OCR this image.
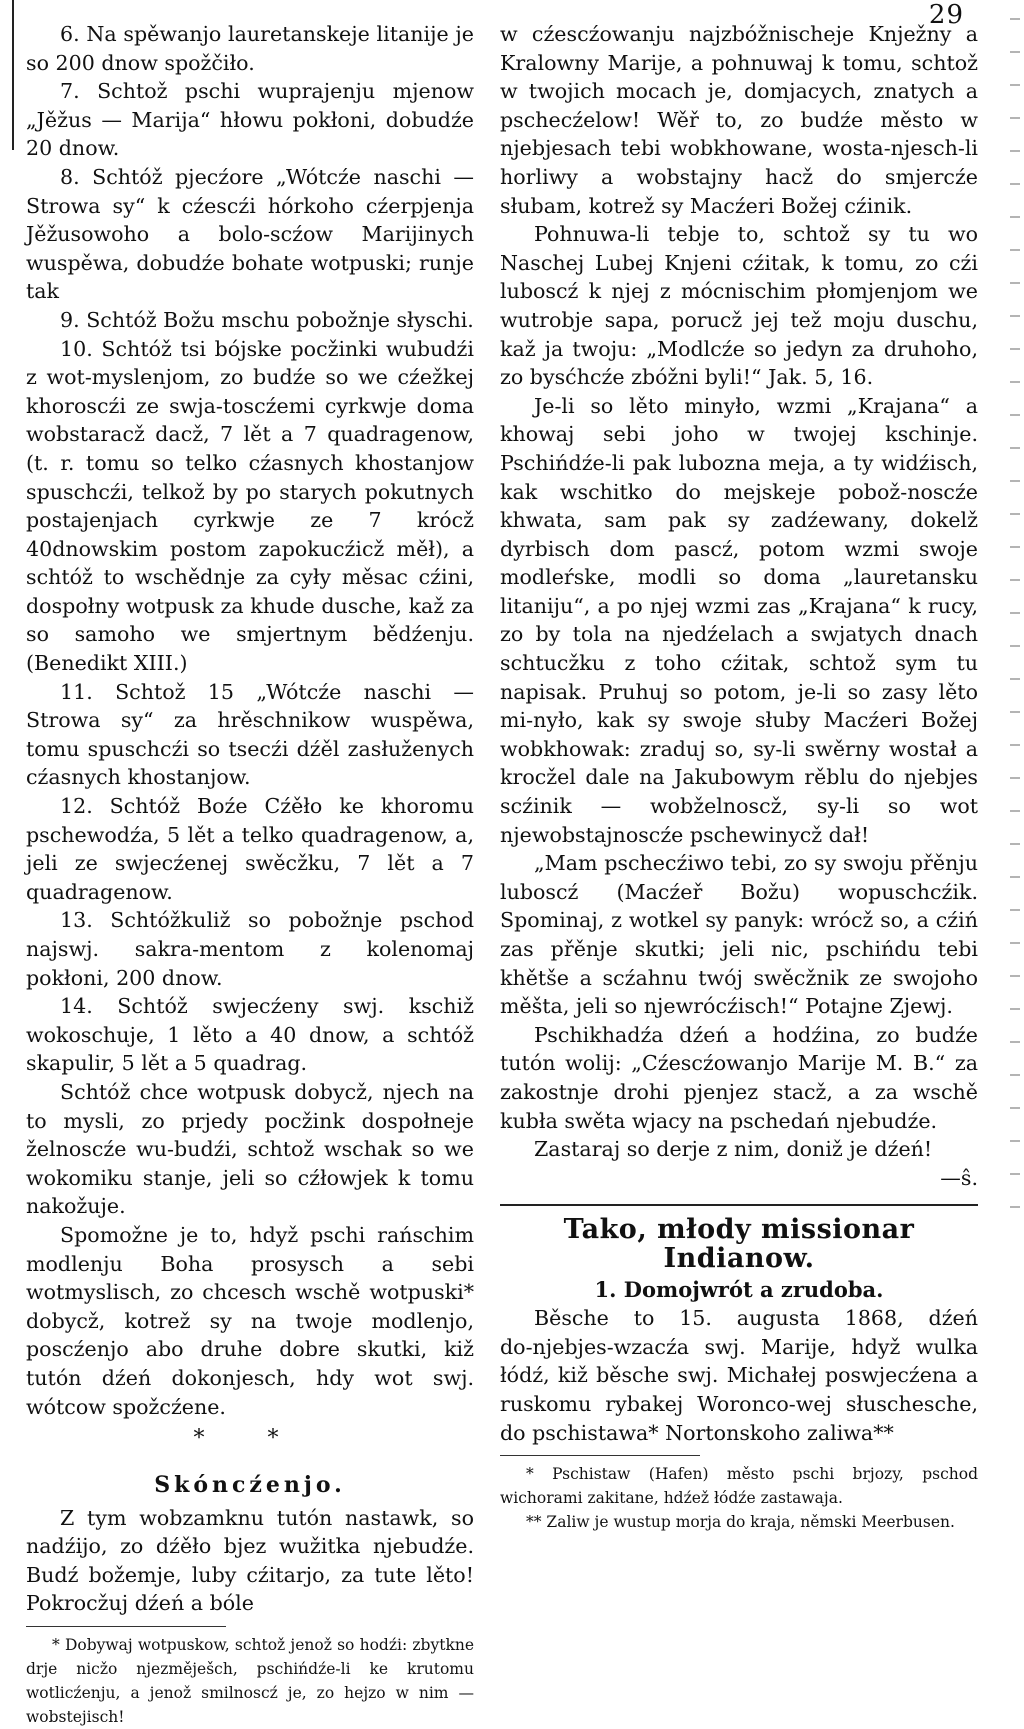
29

6. Na spěwanjo lauretanskeje litanije je so 200 dnow spožčiło.

7. Schtož pschi wuprajenju mjenow „Jěžus — Marija“ hłowu pokłoni, dobudźe 20 dnow.

8. Schtóž pjecźore „Wótcźe naschi — Strowa sy“ k cźescźi hórkoho cźerpjenja Jěžusowoho a bolo‑scźow Marijinych wuspěwa, dobudźe bohate wotpuski; runje tak

9. Schtóž Božu mschu pobožnje słyschi.

10. Schtóž tsi bójske pocžinki wubudźi z wot‑myslenjom, zo budźe so we cźežkej khoroscźi ze swja‑toscźemi cyrkwje doma wobstaracž dacž, 7 lět a 7 quadragenow, (t. r. tomu so telko cźasnych khostanjow spuschcźi, telkož by po starych pokutnych postajenjach cyrkwje ze 7 krócž 40dnowskim postom zapokucźicž měł), a schtóž to wschědnje za cyły měsac cźini, dospołny wotpusk za khude dusche, kaž za so samoho we smjertnym bědźenju. (Benedikt XIII.)

11. Schtož 15 „Wótcźe naschi — Strowa sy“ za hrěschnikow wuspěwa, tomu spuschcźi so tsecźi dźěl zasłuženych cźasnych khostanjow.

12. Schtóž Boźe Cźěło ke khoromu pschewodźa, 5 lět a telko quadragenow, a, jeli ze swjecźenej swěcžku, 7 lět a 7 quadragenow.

13. Schtóžkuliž so pobožnje pschod najswj. sakra‑mentom z kolenomaj pokłoni, 200 dnow.

14. Schtóž swjecźeny swj. kschiž wokoschuje, 1 lěto a 40 dnow, a schtóž skapulir, 5 lět a 5 quadrag.

Schtóž chce wotpusk dobycž, njech na to mysli, zo prjedy pocžink dospołneje želnoscźe wu‑budźi, schtož wschak so we wokomiku stanje, jeli so cźłowjek k tomu nakožuje.

Spomožne je to, hdyž pschi rańschim modlenju Boha prosysch a sebi wotmyslisch, zo chcesch wschě wotpuski* dobycž, kotrež sy na twoje modlenjo, poscźenjo abo druhe dobre skutki, kiž tutón dźeń dokonjesch, hdy wot swj. wótcow spožcźene.

* *
Skóncźenjo.

Z tym wobzamknu tutón nastawk, so nadźijo, zo dźěło bjez wužitka njebudźe. Budź božemje, luby cźitarjo, za tute lěto! Pokrocžuj dźeń a bóle

* Dobywaj wotpuskow, schtož jenož so hodźi: zbytkne drje nicžo njezměješch, pschińdźe‑li ke krutomu wotlicźenju, a jenož smilnoscź je, zo hejzo w nim — wobstejisch!

w cźescźowanju najzbóžnischeje Knježny a Kralowny Marije, a pohnuwaj k tomu, schtož w twojich mocach je, domjacych, znatych a pschecźelow! Wěř to, zo budźe město w njebjesach tebi wobkhowane, wosta‑njesch‑li horliwy a wobstajny hacž do smjercźe słubam, kotrež sy Macźeri Božej cźinik.

Pohnuwa‑li tebje to, schtož sy tu wo Naschej Lubej Knjeni cźitak, k tomu, zo cźi luboscź k njej z mócnischim płomjenjom we wutrobje sapa, porucž jej tež moju duschu, kaž ja twoju: „Modlcźe so jedyn za druhoho, zo bysćhcźe zbóžni byli!“ Jak. 5, 16.

Je‑li so lěto minyło, wzmi „Krajana“ a khowaj sebi joho w twojej kschinje. Pschińdźe‑li pak lubozna meja, a ty widźisch, kak wschitko do mejskeje pobož‑noscźe khwata, sam pak sy zadźewany, dokelž dyrbisch dom pascź, potom wzmi swoje modleŕske, modli so doma „lauretansku litaniju“, a po njej wzmi zas „Krajana“ k rucy, zo by tola na njedźelach a swjatych dnach schtucžku z toho cźitak, schtož sym tu napisak. Pruhuj so potom, je‑li so zasy lěto mi‑nyło, kak sy swoje słuby Macźeri Božej wobkhowak: zraduj so, sy‑li swěrny wostał a krocžel dale na Jakubowym rěblu do njebjes scźinik — wobželnoscž, sy‑li so wot njewobstajnoscźe pschewinycž dał!

„Mam pschecźiwo tebi, zo sy swoju přěnju luboscź (Macźeř Božu) wopuschcźik. Spominaj, z wotkel sy panyk: wrócž so, a cźiń zas přěnje skutki; jeli nic, pschińdu tebi khětše a scźahnu twój swěcžnik ze swojoho měšta, jeli so njewrócźisch!“ Potajne Zjewj.

Pschikhadźa dźeń a hodźina, zo budźe tutón wolij: „Cźescźowanjo Marije M. B.“ za zakostnje drohi pjenjez stacž, a za wschě kubła swěta wjacy na pschedań njebudźe.

Zastaraj so derje z nim, doniž je dźeń!

—ŝ.

Tako, młody missionar Indianow.
1. Domojwrót a zrudoba.

Běsche to 15. augusta 1868, dźeń do‑njebjes‑wzacźa swj. Marije, hdyž wulka łódź, kiž běsche swj. Michałej poswjecźena a ruskomu rybakej Woronco‑wej słuschesche, do pschistawa* Nortonskoho zaliwa**

* Pschistaw (Hafen) město pschi brjozy, pschod wichorami zakitane, hdźež łódźe zastawaja.

** Zaliw je wustup morja do kraja, němski Meerbusen.
